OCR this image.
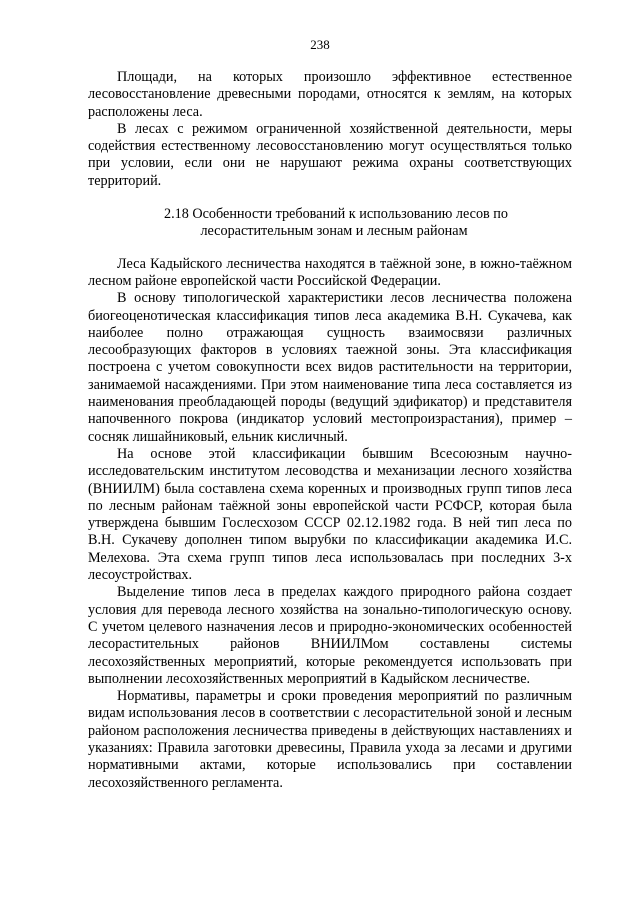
238

Площади, на которых произошло эффективное естественное лесовосстановление древесными породами, относятся к землям, на которых расположены леса.

В лесах с режимом ограниченной хозяйственной деятельности, меры содействия естественному лесовосстановлению могут осуществляться только при условии, если они не нарушают режима охраны соответствующих территорий.

2.18 Особенности требований к использованию лесов по
лесорастительным зонам и лесным районам

Леса Кадыйского лесничества находятся в таёжной зоне, в южно-таёжном лесном районе европейской части Российской Федерации.

В основу типологической характеристики лесов лесничества положена биогеоценотическая классификация типов леса академика В.Н. Сукачева, как наиболее полно отражающая сущность взаимосвязи различных лесообразующих факторов в условиях таежной зоны. Эта классификация построена с учетом совокупности всех видов растительности на территории, занимаемой насаждениями. При этом наименование типа леса составляется из наименования преобладающей породы (ведущий эдификатор) и представителя напочвенного покрова (индикатор условий местопроизрастания), пример – сосняк лишайниковый, ельник кисличный.

На основе этой классификации бывшим Всесоюзным научно-исследовательским институтом лесоводства и механизации лесного хозяйства (ВНИИЛМ) была составлена схема коренных и производных групп типов леса по лесным районам таёжной зоны европейской части РСФСР, которая была утверждена бывшим Гослесхозом СССР 02.12.1982 года. В ней тип леса по В.Н. Сукачеву дополнен типом вырубки по классификации академика И.С. Мелехова. Эта схема групп типов леса использовалась при последних 3-х лесоустройствах.

Выделение типов леса в пределах каждого природного района создает условия для перевода лесного хозяйства на зонально-типологическую основу. С учетом целевого назначения лесов и природно-экономических особенностей лесорастительных районов ВНИИЛМом составлены системы лесохозяйственных мероприятий, которые рекомендуется использовать при выполнении лесохозяйственных мероприятий в Кадыйском лесничестве.

Нормативы, параметры и сроки проведения мероприятий по различным видам использования лесов в соответствии с лесорастительной зоной и лесным районом расположения лесничества приведены в действующих наставлениях и указаниях: Правила заготовки древесины, Правила ухода за лесами и другими нормативными актами, которые использовались при составлении лесохозяйственного регламента.
